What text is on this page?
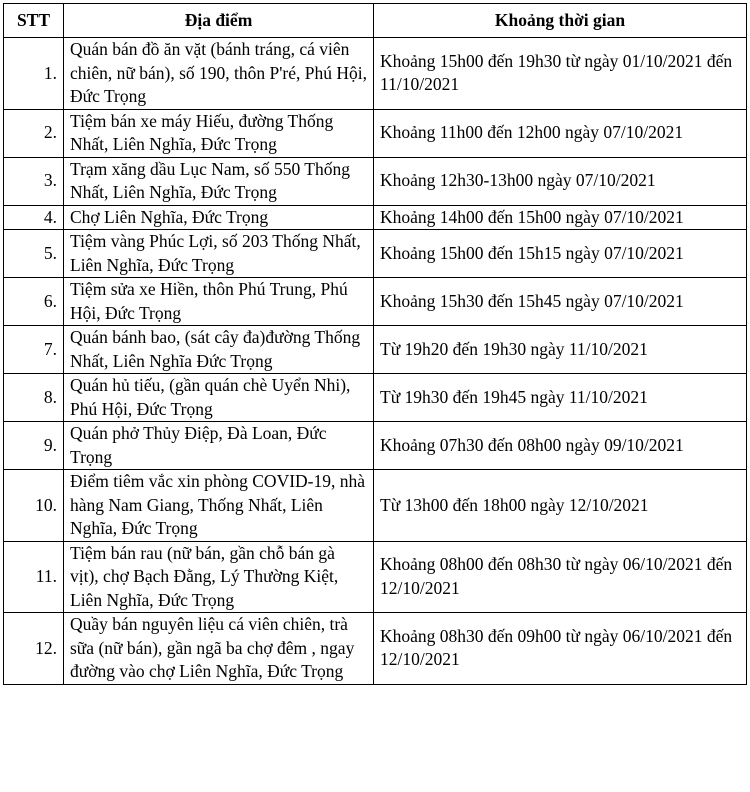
STT	Địa điểm	Khoảng thời gian
1.	Quán bán đồ ăn vặt (bánh tráng, cá viên chiên, nữ bán), số 190, thôn P'ré, Phú Hội, Đức Trọng	Khoảng 15h00 đến 19h30 từ ngày 01/10/2021 đến 11/10/2021
2.	Tiệm bán xe máy Hiếu, đường Thống Nhất, Liên Nghĩa, Đức Trọng	Khoảng 11h00 đến 12h00 ngày 07/10/2021
3.	Trạm xăng dầu Lục Nam, số 550 Thống Nhất, Liên Nghĩa, Đức Trọng	Khoảng 12h30-13h00 ngày 07/10/2021
4.	Chợ Liên Nghĩa, Đức Trọng	Khoảng 14h00 đến 15h00 ngày 07/10/2021
5.	Tiệm vàng Phúc Lợi, số 203 Thống Nhất, Liên Nghĩa, Đức Trọng	Khoảng 15h00 đến 15h15 ngày 07/10/2021
6.	Tiệm sửa xe Hiền, thôn Phú Trung, Phú Hội, Đức Trọng	Khoảng 15h30 đến 15h45 ngày 07/10/2021
7.	Quán bánh bao, (sát cây đa)đường Thống Nhất, Liên Nghĩa Đức Trọng	Từ 19h20 đến 19h30 ngày 11/10/2021
8.	Quán hủ tiếu, (gần quán chè Uyển Nhi), Phú Hội, Đức Trọng	Từ 19h30 đến 19h45 ngày 11/10/2021
9.	Quán phở Thủy Điệp, Đà Loan, Đức Trọng	Khoảng 07h30 đến 08h00 ngày 09/10/2021
10.	Điểm tiêm vắc xin phòng COVID-19, nhà hàng Nam Giang, Thống Nhất, Liên Nghĩa, Đức Trọng	Từ 13h00 đến 18h00 ngày 12/10/2021
11.	Tiệm bán rau (nữ bán, gần chỗ bán gà vịt), chợ Bạch Đằng, Lý Thường Kiệt, Liên Nghĩa, Đức Trọng	Khoảng 08h00 đến 08h30 từ ngày 06/10/2021 đến 12/10/2021
12.	Quầy bán nguyên liệu cá viên chiên, trà sữa (nữ bán), gần ngã ba chợ đêm , ngay đường vào chợ Liên Nghĩa, Đức Trọng	Khoảng 08h30 đến 09h00 từ ngày 06/10/2021 đến 12/10/2021
